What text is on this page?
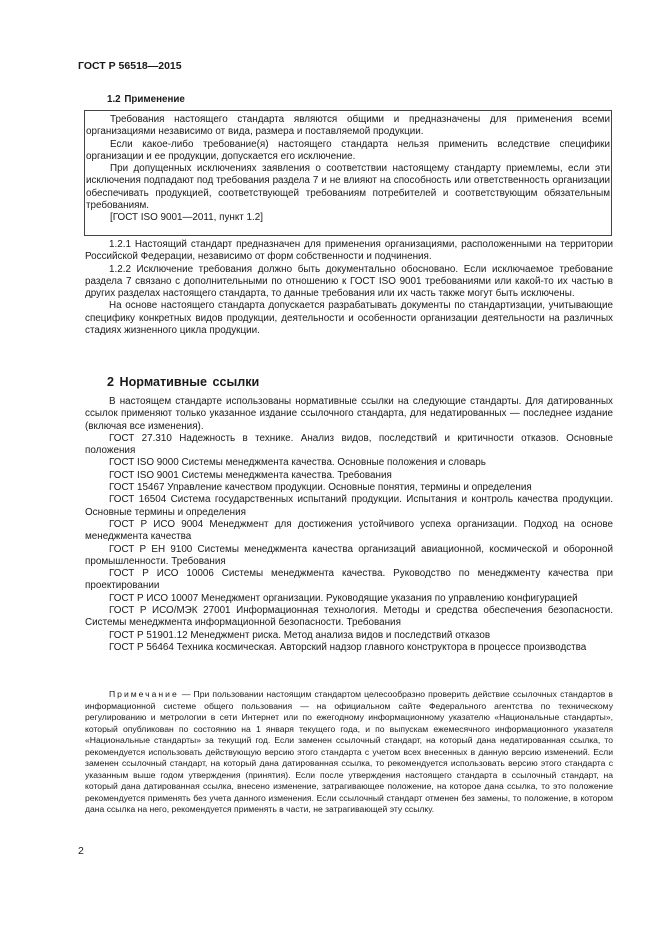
ГОСТ Р 56518—2015
1.2 Применение

Требования настоящего стандарта являются общими и предназначены для применения всеми организациями независимо от вида, размера и поставляемой продукции.

Если какое-либо требование(я) настоящего стандарта нельзя применить вследствие специфики организации и ее продукции, допускается его исключение.

При допущенных исключениях заявления о соответствии настоящему стандарту приемлемы, если эти исключения подпадают под требования раздела 7 и не влияют на способность или ответственность организации обеспечивать продукцией, соответствующей требованиям потребителей и соответствующим обязательным требованиям.

[ГОСТ ISO 9001—2011, пункт 1.2]

1.2.1 Настоящий стандарт предназначен для применения организациями, расположенными на территории Российской Федерации, независимо от форм собственности и подчинения.

1.2.2 Исключение требования должно быть документально обосновано. Если исключаемое требование раздела 7 связано с дополнительными по отношению к ГОСТ ISO 9001 требованиями или какой-то их частью в других разделах настоящего стандарта, то данные требования или их часть также могут быть исключены.

На основе настоящего стандарта допускается разрабатывать документы по стандартизации, учитывающие специфику конкретных видов продукции, деятельности и особенности организации деятельности на различных стадиях жизненного цикла продукции.

2 Нормативные ссылки

В настоящем стандарте использованы нормативные ссылки на следующие стандарты. Для датированных ссылок применяют только указанное издание ссылочного стандарта, для недатированных — последнее издание (включая все изменения).

ГОСТ 27.310 Надежность в технике. Анализ видов, последствий и критичности отказов. Основные положения

ГОСТ ISO 9000 Системы менеджмента качества. Основные положения и словарь

ГОСТ ISO 9001 Системы менеджмента качества. Требования

ГОСТ 15467 Управление качеством продукции. Основные понятия, термины и определения

ГОСТ 16504 Система государственных испытаний продукции. Испытания и контроль качества продукции. Основные термины и определения

ГОСТ Р ИСО 9004 Менеджмент для достижения устойчивого успеха организации. Подход на основе менеджмента качества

ГОСТ Р ЕН 9100 Системы менеджмента качества организаций авиационной, космической и оборонной промышленности. Требования

ГОСТ Р ИСО 10006 Системы менеджмента качества. Руководство по менеджменту качества при проектировании

ГОСТ Р ИСО 10007 Менеджмент организации. Руководящие указания по управлению конфигурацией

ГОСТ Р ИСО/МЭК 27001 Информационная технология. Методы и средства обеспечения безопасности. Системы менеджмента информационной безопасности. Требования

ГОСТ Р 51901.12 Менеджмент риска. Метод анализа видов и последствий отказов

ГОСТ Р 56464 Техника космическая. Авторский надзор главного конструктора в процессе производства

Примечание — При пользовании настоящим стандартом целесообразно проверить действие ссылочных стандартов в информационной системе общего пользования — на официальном сайте Федерального агентства по техническому регулированию и метрологии в сети Интернет или по ежегодному информационному указателю «Национальные стандарты», который опубликован по состоянию на 1 января текущего года, и по выпускам ежемесячного информационного указателя «Национальные стандарты» за текущий год. Если заменен ссылочный стандарт, на который дана недатированная ссылка, то рекомендуется использовать действующую версию этого стандарта с учетом всех внесенных в данную версию изменений. Если заменен ссылочный стандарт, на который дана датированная ссылка, то рекомендуется использовать версию этого стандарта с указанным выше годом утверждения (принятия). Если после утверждения настоящего стандарта в ссылочный стандарт, на который дана датированная ссылка, внесено изменение, затрагивающее положение, на которое дана ссылка, то это положение рекомендуется применять без учета данного изменения. Если ссылочный стандарт отменен без замены, то положение, в котором дана ссылка на него, рекомендуется применять в части, не затрагивающей эту ссылку.

2
